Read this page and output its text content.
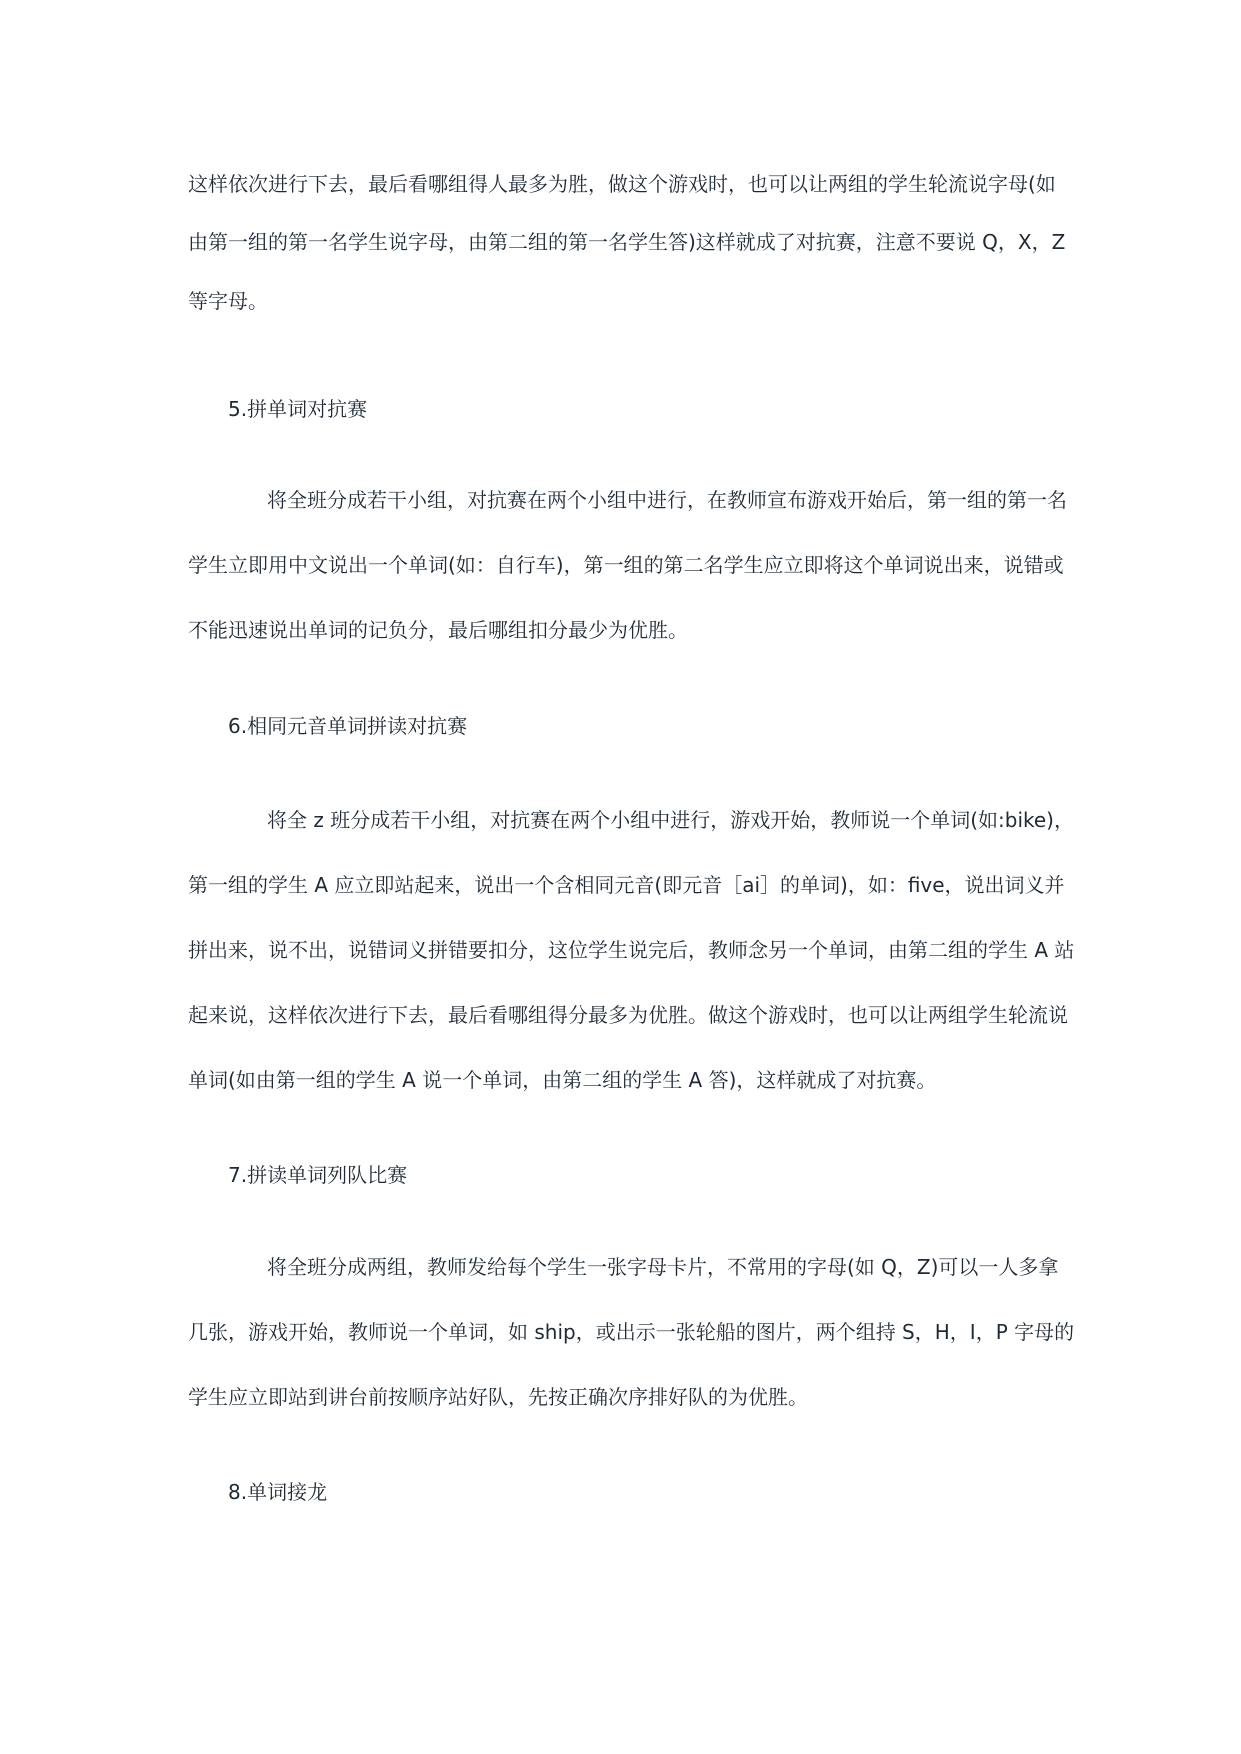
这样依次进行下去，最后看哪组得人最多为胜，做这个游戏时，也可以让两组的学生轮流说字母(如
由第一组的第一名学生说字母，由第二组的第一名学生答)这样就成了对抗赛，注意不要说 Q，X，Z
等字母。
5.拼单词对抗赛
将全班分成若干小组，对抗赛在两个小组中进行，在教师宣布游戏开始后，第一组的第一名
学生立即用中文说出一个单词(如：自行车)，第一组的第二名学生应立即将这个单词说出来，说错或
不能迅速说出单词的记负分，最后哪组扣分最少为优胜。
6.相同元音单词拼读对抗赛
将全 z 班分成若干小组，对抗赛在两个小组中进行，游戏开始，教师说一个单词(如:bike)，
第一组的学生 A 应立即站起来，说出一个含相同元音(即元音［ai］的单词)，如：five，说出词义并
拼出来，说不出，说错词义拼错要扣分，这位学生说完后，教师念另一个单词，由第二组的学生 A 站
起来说，这样依次进行下去，最后看哪组得分最多为优胜。做这个游戏时，也可以让两组学生轮流说
单词(如由第一组的学生 A 说一个单词，由第二组的学生 A 答)，这样就成了对抗赛。
7.拼读单词列队比赛
将全班分成两组，教师发给每个学生一张字母卡片，不常用的字母(如 Q，Z)可以一人多拿
几张，游戏开始，教师说一个单词，如 ship，或出示一张轮船的图片，两个组持 S，H，I，P 字母的
学生应立即站到讲台前按顺序站好队，先按正确次序排好队的为优胜。
8.单词接龙
